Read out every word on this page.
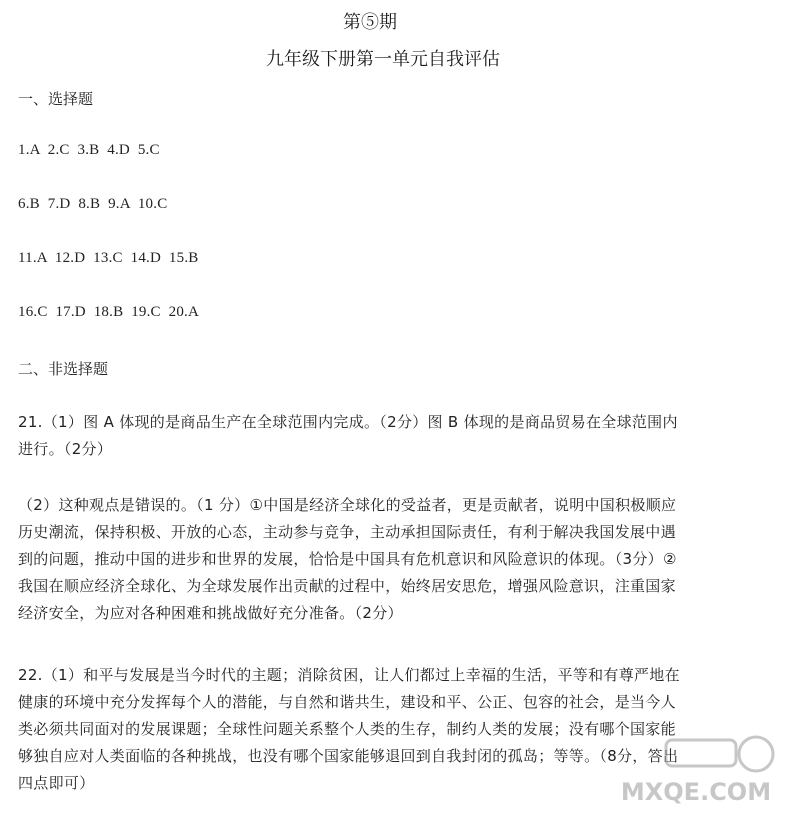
第⑤期
九年级下册第一单元自我评估
一、选择题
1.A  2.C  3.B  4.D  5.C
6.B  7.D  8.B  9.A  10.C
11.A  12.D  13.C  14.D  15.B
16.C  17.D  18.B  19.C  20.A
二、非选择题
21.（1）图 A 体现的是商品生产在全球范围内完成。（2分）图 B 体现的是商品贸易在全球范围内
进行。（2分）
（2）这种观点是错误的。（1 分）①中国是经济全球化的受益者，更是贡献者，说明中国积极顺应
历史潮流，保持积极、开放的心态，主动参与竞争，主动承担国际责任，有利于解决我国发展中遇
到的问题，推动中国的进步和世界的发展，恰恰是中国具有危机意识和风险意识的体现。（3分）②
我国在顺应经济全球化、为全球发展作出贡献的过程中，始终居安思危，增强风险意识，注重国家
经济安全，为应对各种困难和挑战做好充分准备。（2分）
22.（1）和平与发展是当今时代的主题；消除贫困，让人们都过上幸福的生活，平等和有尊严地在
健康的环境中充分发挥每个人的潜能，与自然和谐共生，建设和平、公正、包容的社会，是当今人
类必须共同面对的发展课题；全球性问题关系整个人类的生存，制约人类的发展；没有哪个国家能
够独自应对人类面临的各种挑战，也没有哪个国家能够退回到自我封闭的孤岛；等等。（8分，答出
四点即可）	MXQE.COM
